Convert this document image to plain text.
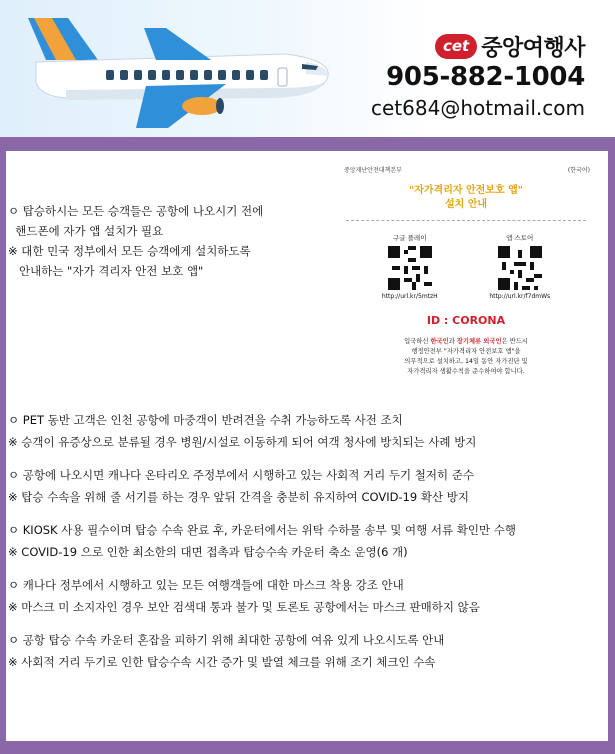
cet 중앙여행사
905-882-1004
cet684@hotmail.com
ㅇ 탑승하시는 모든 승객들은 공항에 나오시기 전에
핸드폰에 자가 앱 설치가 필요
※ 대한 민국 정부에서 모든 승객에게 설치하도록
안내하는 "자가 격리자 안전 보호 앱"
중앙재난안전대책본부	(한국어)
"자가격리자 안전보호 앱"
설치 안내
구글 플레이
http://url.kr/5mtzH
앱 스토어
http://url.kr/f7dmWs
ID : CORONA
입국하신 한국인과 장기체류 외국인은 반드시
행정안전부 "자가격리자 안전보호 앱"을
의무적으로 설치하고, 14일 동안 자가진단 및
자가격리자 생활수칙을 준수하여야 합니다.
ㅇ PET 동반 고객은 인천 공항에 마중객이 반려견을 수취 가능하도록 사전 조치
※ 승객이 유증상으로 분류될 경우 병원/시설로 이동하게 되어 여객 청사에 방치되는 사례 방지
ㅇ 공항에 나오시면 캐나다 온타리오 주정부에서 시행하고 있는 사회적 거리 두기 철저히 준수
※ 탑승 수속을 위해 줄 서기를 하는 경우 앞뒤 간격을 충분히 유지하여 COVID-19 확산 방지
ㅇ KIOSK 사용 필수이며 탑승 수속 완료 후, 카운터에서는 위탁 수하물 송부 및 여행 서류 확인만 수행
※ COVID-19 으로 인한 최소한의 대면 접촉과 탑승수속 카운터 축소 운영(6 개)
ㅇ 캐나다 정부에서 시행하고 있는 모든 여행객들에 대한 마스크 착용 강조 안내
※ 마스크 미 소지자인 경우 보안 검색대 통과 불가 및 토론토 공항에서는 마스크 판매하지 않음
ㅇ 공항 탑승 수속 카운터 혼잡을 피하기 위해 최대한 공항에 여유 있게 나오시도록 안내
※ 사회적 거리 두기로 인한 탑승수속 시간 증가 및 발열 체크를 위해 조기 체크인 수속
